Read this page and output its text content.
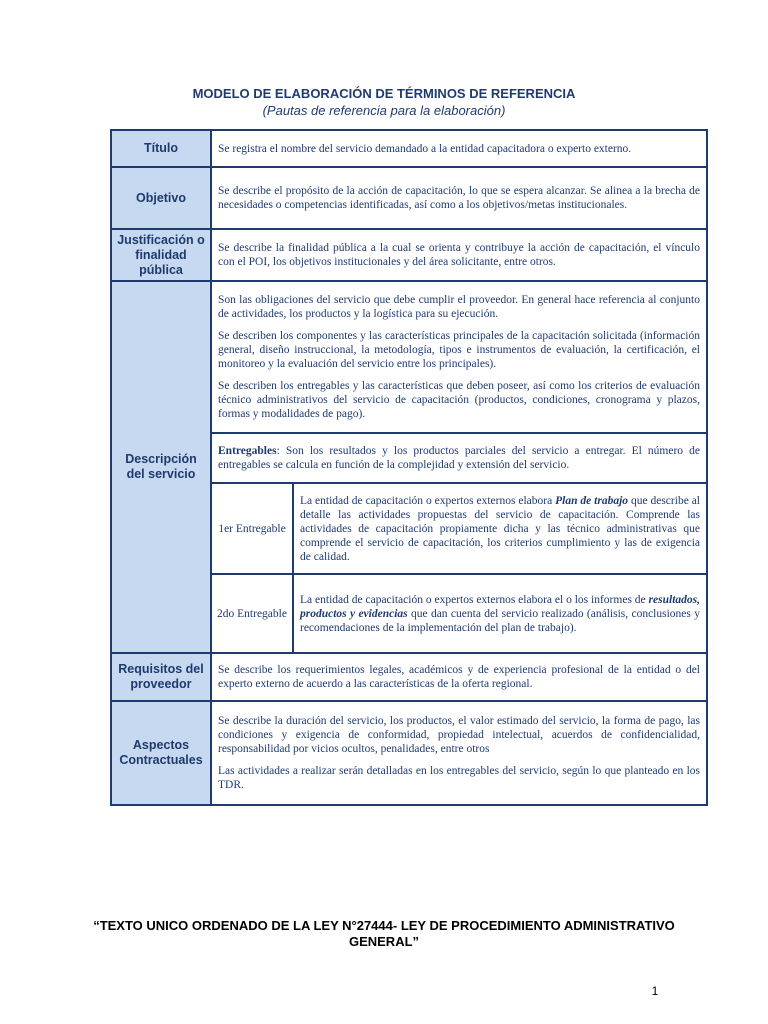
MODELO DE ELABORACIÓN DE TÉRMINOS DE REFERENCIA
(Pautas de referencia para la elaboración)
Título	Se registra el nombre del servicio demandado a la entidad capacitadora o experto externo.	
Objetivo	Se describe el propósito de la acción de capacitación, lo que se espera alcanzar. Se alinea a la brecha de necesidades o competencias identificadas, así como a los objetivos/metas institucionales.	
Justificación o finalidad pública	Se describe la finalidad pública a la cual se orienta y contribuye la acción de capacitación, el vínculo con el POI, los objetivos institucionales y del área solicitante, entre otros.	
Descripción del servicio	Son las obligaciones del servicio que debe cumplir el proveedor. En general hace referencia al conjunto de actividades, los productos y la logística para su ejecución.

Se describen los componentes y las características principales de la capacitación solicitada (información general, diseño instruccional, la metodología, tipos e instrumentos de evaluación, la certificación, el monitoreo y la evaluación del servicio entre los principales).

Se describen los entregables y las características que deben poseer, así como los criterios de evaluación técnico administrativos del servicio de capacitación (productos, condiciones, cronograma y plazos, formas y modalidades de pago).	

	Entregables: Son los resultados y los productos parciales del servicio a entregar. El número de entregables se calcula en función de la complejidad y extensión del servicio.	
	1er Entregable	La entidad de capacitación o expertos externos elabora Plan de trabajo que describe al detalle las actividades propuestas del servicio de capacitación. Comprende las actividades de capacitación propiamente dicha y las técnico administrativas que comprende el servicio de capacitación, los criterios cumplimiento y las de exigencia de calidad.
	2do Entregable	La entidad de capacitación o expertos externos elabora el o los informes de resultados, productos y evidencias que dan cuenta del servicio realizado (análisis, conclusiones y recomendaciones de la implementación del plan de trabajo).
Requisitos del proveedor	Se describe los requerimientos legales, académicos y de experiencia profesional de la entidad o del experto externo de acuerdo a las características de la oferta regional.	
Aspectos Contractuales	Se describe la duración del servicio, los productos, el valor estimado del servicio, la forma de pago, las condiciones y exigencia de conformidad, propiedad intelectual, acuerdos de confidencialidad, responsabilidad por vicios ocultos, penalidades, entre otros

Las actividades a realizar serán detalladas en los entregables del servicio, según lo que planteado en los TDR.	

“TEXTO UNICO ORDENADO DE LA LEY N°27444- LEY DE PROCEDIMIENTO ADMINISTRATIVO GENERAL”
1
